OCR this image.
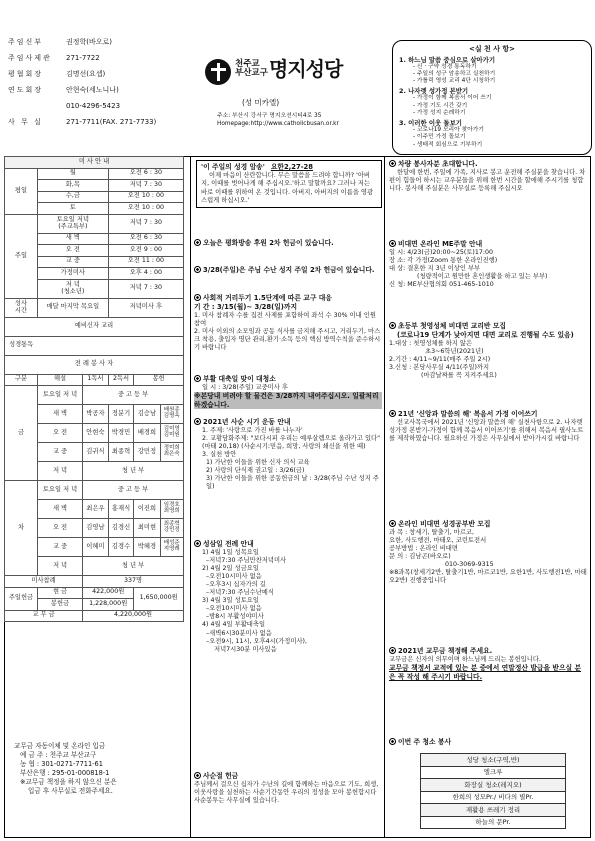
주임신부	권정학(바오로)
주임사제관	271-7722
평협회장	김명선(요셉)
연도회장	안현숙(세노니나)
010-4296-5423
사 무 실	271-7711(FAX. 271-7733)
천주교 부산교구 명지성당
(성 미카엘)
주소: 부산시 강서구 명지오션시티4로 35
Homepage:http://www.catholicbusan.or.kr
<실 천 사 항>
1. 하느님 말씀 중심으로 살아가기
- 신 · 구약 성경 통독하기
- 주일의 성구 암송하고 실천하기
- 가톨릭 영성 교리 4단 시청하기
2. 나자렛 성가정 본받기
- 가정이 함께 복음서 이어 쓰기
- 가정 기도 시간 갖기
- 가정 성지 순례하기
3. 이러한 이웃 돌보기
- 코로나19 모리아 찾아가기
- 이주민 가정 돌보기
- 생태적 회심으로 기부하기
미 사 안 내					
평일	월		오전 6 : 30		
	화,목		저녁 7 : 30		
	수,금		오전 10 : 00		
	토		오전 10 : 00		
주일	토요일 저녁
(주교특부)		저녁 7 : 30		
	새 벽		오전 6 : 30		
	오 전		오전 9 : 00		
	교 중		오전 11 : 00		
	가정미사		오후 4 : 00		
	저 녁
(청소년)		저녁 7 : 30		
성사
시간	매달 마지막 목요일		저녁미사 후		
예비신자 교리					
성경통독					
전 례 봉 사 자					
구분	해설	1독서	2독서	봉헌	
금	토요일 저 녁	중 고 등 부			
	새 벽	박공자	정분기	김승남	배원종
김명옥
	오 전	안현숙	박경민	배경희	김미영
김미원
	교 중	김귀식	최종혁	강민정	정미희
최은숙
	저 녁	청 년 부			
차	토요일 저 녁	중 고 등 부			
	새 벽	최은우	홍재식	이진희	임경호
최영희
	오 전	김영남	김경신	최미현	최종혁
강민정
	교 중	이혜미	김경수	박혜경	배성준
지영례
	저 녁	청 년 부			
미사참례		337명			
주일헌금	현 금	422,000원		1,650,000원	
	봉헌금	1,228,000원			
교 무 금		4,220,000원			
교무금 자동이체 및 온라인 입금
예 금 주 : 천주교 부산교구
농 협 : 301-0271-7711-61
부산은행 : 295-01-000818-1
※교무금 책정을 하지 않으신 분은
입금 후 사무실로 전화주세요.
'이 주일의 성경 암송' 요한2,27-28
이제 마음이 산란합니다. 무슨 말씀을 드려야 합니까? '아버지, 이때를 벗어나게 해 주십시오.'하고 말할까요? 그러나 저는 바로 이때를 위하여 온 것입니다. 아버지, 아버지의 이름을 영광스럽게 하십시오.'
오늘은 평화방송 후원 2차 헌금이 있습니다.
3/28(주일)은 주님 수난 성지 주일 2차 헌금이 있습니다.
사회적 거리두기 1.5단계에 따른 교구 대응
기 간 : 3/15(월)~ 3/28(일)까지
1. 미사 참례자 수를 집전 사제를 포함하여 좌석 수 30% 이내 인원 참여
2. 미사 이외의 소모임과 공동 식사를 금지해 주시고, 거리두기, 마스크 착용, 출입자 명단 관리,환기·소독 등의 핵심 방역수칙을 준수하시기 바랍니다
부활 대축일 맞이 대청소
일 시 : 3/28(주일) 교중미사 후
※본당내 버려야 할 물건은 3/28까지 내어주십시오. 일괄처리하겠습니다.
2021년 사순 시기 운동 안내
1. 주제: '사랑으로 가진 바를 나누자'
2. 교황담화주제: "보다시피 우리는 예루살렘으로 올라가고 있다"(마태 20,18) (사순시기:믿음, 희망, 사랑의 쇄신을 위한 때)
3. 실천 방안
1) 가난한 이들을 위한 신자 의식 교육
2) 사랑의 단식재 권고일 : 3/26(금)
3) 가난한 이들을 위한 공동헌금의 날 : 3/28(주님 수난 성지 주일)
성삼일 전례 안내
1) 4월 1일 성목요일
–저녁7:30 주님만찬저녁미사
2) 4월 2일 성금요일
–오전10시미사 없음
–오후3시 십자가의 길
–저녁7:30 주님수난예식
3) 4월 3일 성토요일
–오전10시미사 없음
–밤8시 부활성야미사
4) 4월 4일 부활대축일
–새벽6시30분미사 없음
–오전9시, 11시, 오후4시(가정미사),
저녁7시30분 미사있음
사순절 헌금
주님께서 걸으신 십자가 수난의 길에 함께하는 마음으로 기도, 희생, 이웃사랑을 실천하는 사순기간동안 우리의 정성을 모아 봉헌합시다 사순봉투는 사무실에 있습니다.
차량 봉사자분 초대합니다.
한달에 한번, 주일에 가족, 지사로 봉고 운전해 주실분을 찾습니다. 차편이 힘들어 하시는 교우분들을 위해 한번 시간을 할애해 주시기를 청합니다. 봉사해 주실분은 사무실로 등록해 주십시오
비대면 온라인 ME주말 안내
일 시: 4/23(금)20:00~25(토)17:00
장 소: 각 가정(Zoom 통한 온라인진행)
대 상: 결혼한 지 3년 이상인 부부
(청량적이고 원만한 혼인생활을 하고 있는 부부)
신 청: ME부산협의회 051-465-1010
초등부 첫영성체 비대면 교리반 모집
(코로나19 단계가 낮아지면 대면 교리로 진행될 수도 있음)
1.대상 : 첫영성체를 하지 않은
초3~6학년(2021년)
2.기간 : 4/11~9/11(매주 주일 2시)
3.신청 : 본당사무실 4/11(주일)까지
(마감날짜를 꼭 지켜주세요)
21년 '신앙과 말씀의 해' 복음서 가정 이어쓰기
선교사목국에서 2021년 '신앙과 말씀의 해' 실천사항으로 2. 나자렛 성가정 본받기-가정이 함께 복음서 이어쓰기'를 위해서 복음서 필사노트를 제작하였습니다. 필요하신 가정은 사무실에서 받아가시길 바랍니다
온라인 비대면 성경공부반 모집
과 목 : 창세기, 탈출기, 마르코,
요한, 사도행전, 마태오, 코린토전서
공부방법 : 온라인 비대면
문 의 : 김남곤(바오로)
010-3069-9315
※8과목(창세기2반, 탈출기1반, 마르코1반, 요한1반, 사도행전1반, 마태오2반) 진행중입니다
2021년 교무금 책정해 주세요.
교무금은 신자의 의무이며 하느님께 드리는 봉헌입니다.
교무금 책정서 교적에 있는 분 중에서 연말정산 발급을 받으실 분은 꼭 작성 해 주시기 바랍니다.
이번 주 청소 봉사
성당 청소(구역,반)
엘크루
화장실 청소(레지오)
한희의 성모Pr./ 비다의 별Pr.
재활용 쓰레기 정리
하늘의 문Pr.
